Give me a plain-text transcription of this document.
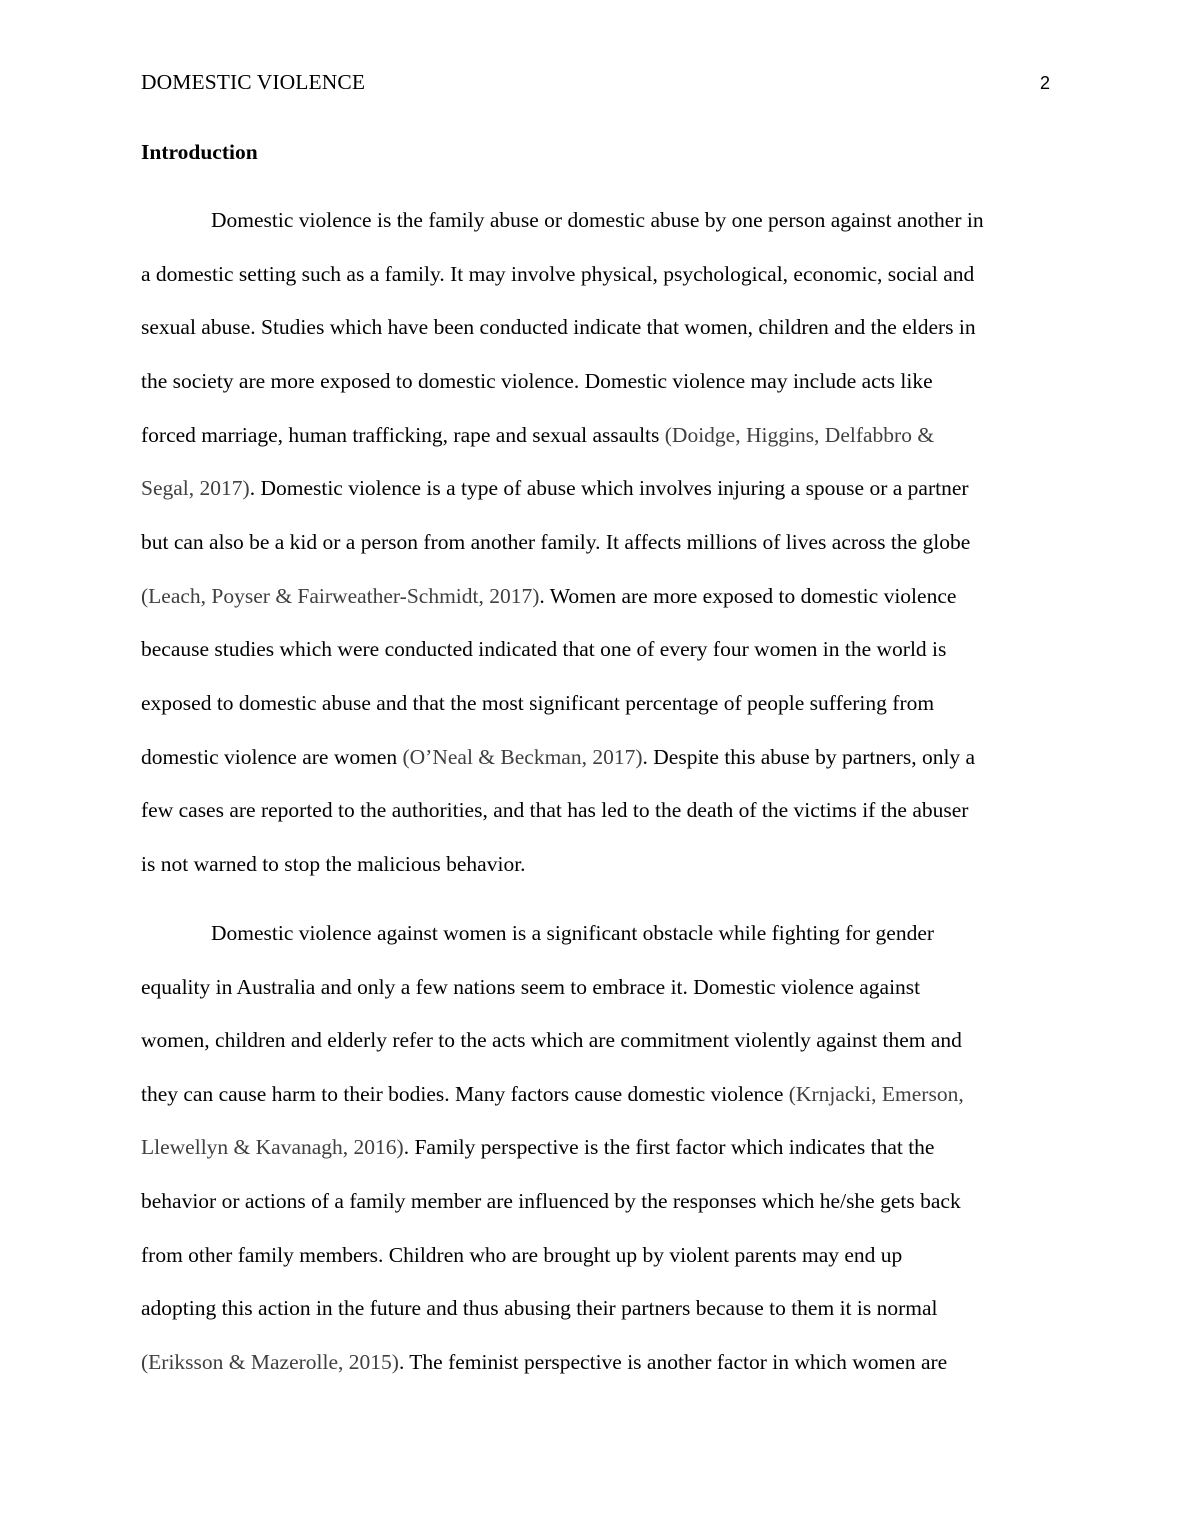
DOMESTIC VIOLENCE	2
Introduction
Domestic violence is the family abuse or domestic abuse by one person against another in
a domestic setting such as a family. It may involve physical, psychological, economic, social and
sexual abuse. Studies which have been conducted indicate that women, children and the elders in
the society are more exposed to domestic violence. Domestic violence may include acts like
forced marriage, human trafficking, rape and sexual assaults (Doidge, Higgins, Delfabbro &
Segal, 2017). Domestic violence is a type of abuse which involves injuring a spouse or a partner
but can also be a kid or a person from another family. It affects millions of lives across the globe
(Leach, Poyser & Fairweather-Schmidt, 2017). Women are more exposed to domestic violence
because studies which were conducted indicated that one of every four women in the world is
exposed to domestic abuse and that the most significant percentage of people suffering from
domestic violence are women (O’Neal & Beckman, 2017). Despite this abuse by partners, only a
few cases are reported to the authorities, and that has led to the death of the victims if the abuser
is not warned to stop the malicious behavior.
Domestic violence against women is a significant obstacle while fighting for gender
equality in Australia and only a few nations seem to embrace it. Domestic violence against
women, children and elderly refer to the acts which are commitment violently against them and
they can cause harm to their bodies. Many factors cause domestic violence (Krnjacki, Emerson,
Llewellyn & Kavanagh, 2016). Family perspective is the first factor which indicates that the
behavior or actions of a family member are influenced by the responses which he/she gets back
from other family members. Children who are brought up by violent parents may end up
adopting this action in the future and thus abusing their partners because to them it is normal
(Eriksson & Mazerolle, 2015). The feminist perspective is another factor in which women are
